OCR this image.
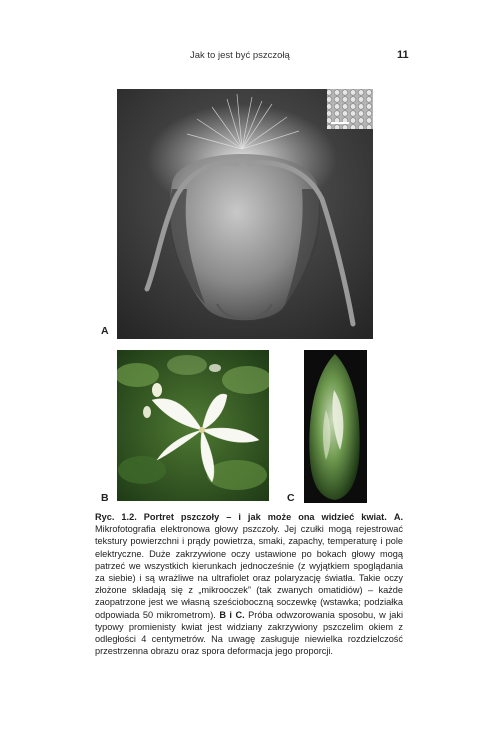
Jak to jest być pszczołą	11
A
B	C
Ryc. 1.2. Portret pszczoły – i jak może ona widzieć kwiat. A. Mikrofotografia elektronowa głowy pszczoły. Jej czułki mogą rejestrować tekstury powierzchni i prądy powietrza, smaki, zapachy, temperaturę i pole elektryczne. Duże zakrzywione oczy ustawione po bokach głowy mogą patrzeć we wszystkich kierunkach jednocześnie (z wyjątkiem spoglądania za siebie) i są wrażliwe na ultrafiolet oraz polaryzację światła. Takie oczy złożone składają się z „mikrooczek” (tak zwanych omatidiów) – każde zaopatrzone jest we własną sześcioboczną soczewkę (wstawka; podziałka odpowiada 50 mikrometrom). B i C. Próba odwzorowania sposobu, w jaki typowy promienisty kwiat jest widziany zakrzywiony pszczelim okiem z odległości 4 centymetrów. Na uwagę zasługuje niewielka rozdzielczość przestrzenna obrazu oraz spora deformacja jego proporcji.
